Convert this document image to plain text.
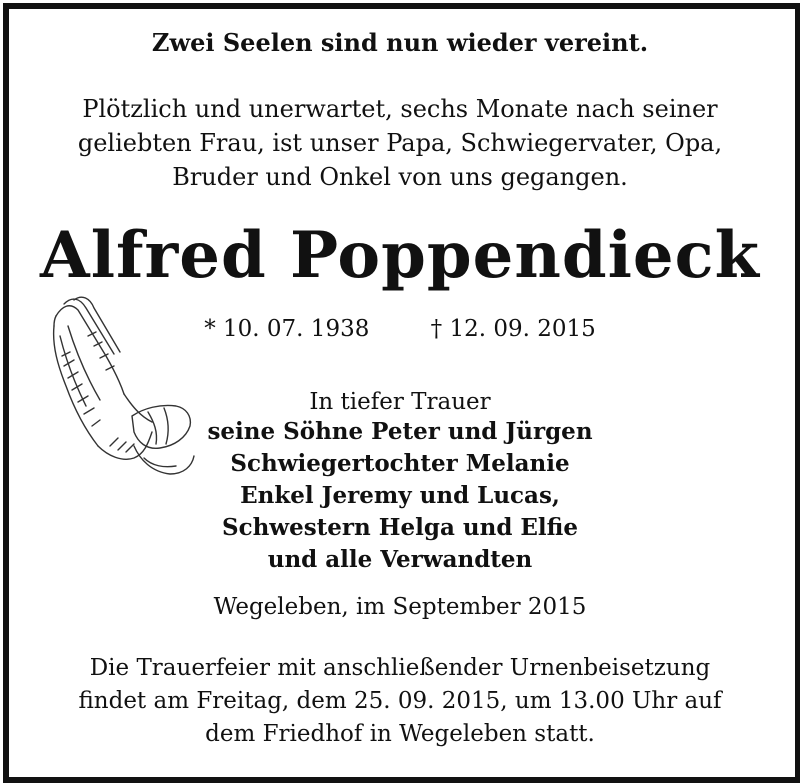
Zwei Seelen sind nun wieder vereint.
Plötzlich und unerwartet, sechs Monate nach seiner
geliebten Frau, ist unser Papa, Schwiegervater, Opa,
Bruder und Onkel von uns gegangen.
Alfred Poppendieck
* 10. 07. 1938	† 12. 09. 2015
In tiefer Trauer
seine Söhne Peter und Jürgen
Schwiegertochter Melanie
Enkel Jeremy und Lucas,
Schwestern Helga und Elfie
und alle Verwandten
Wegeleben, im September 2015
Die Trauerfeier mit anschließender Urnenbeisetzung
findet am Freitag, dem 25. 09. 2015, um 13.00 Uhr auf
dem Friedhof in Wegeleben statt.
